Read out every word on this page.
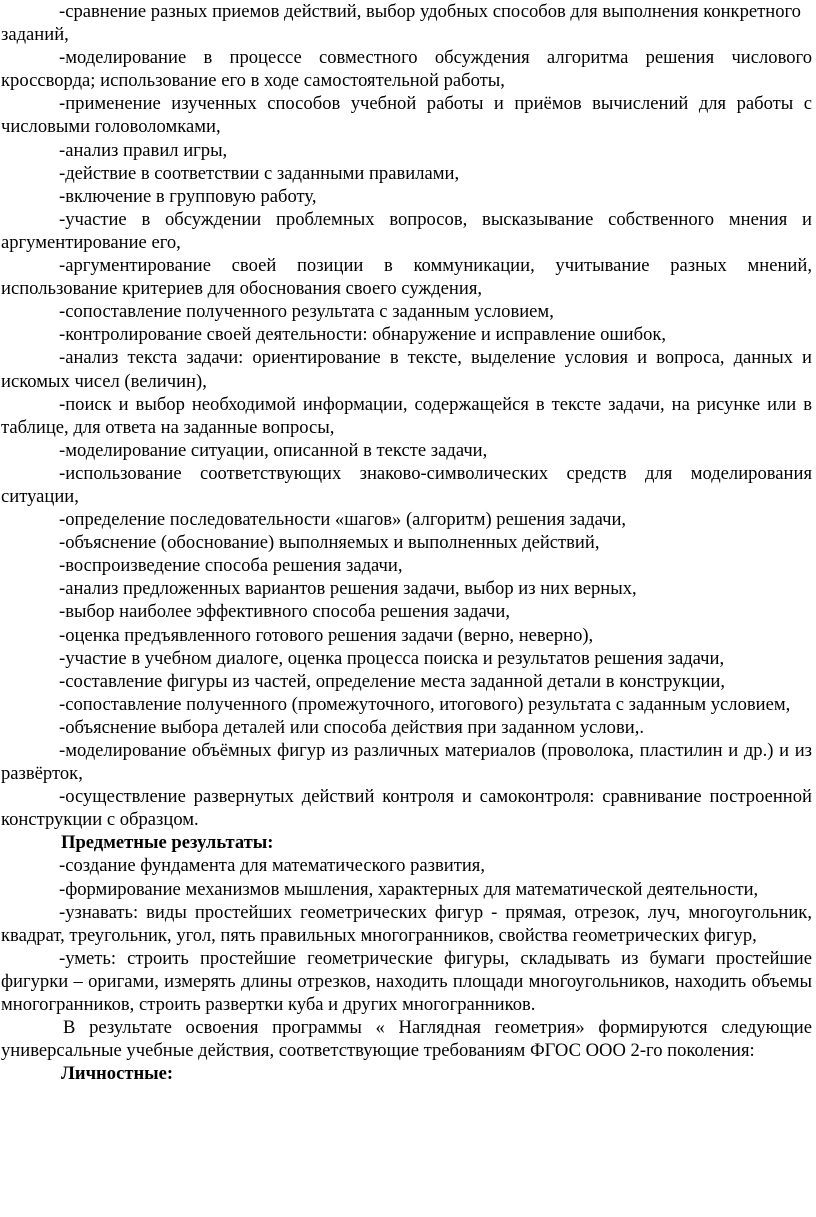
-сравнение разных приемов действий, выбор удобных способов для выполнения конкретного заданий,

-моделирование в процессе совместного обсуждения алгоритма решения числового кроссворда; использование его в ходе самостоятельной работы,

-применение изученных способов учебной работы и приёмов вычислений для работы с числовыми головоломками,

-анализ правил игры,

-действие в соответствии с заданными правилами,

-включение в групповую работу,

-участие в обсуждении проблемных вопросов, высказывание собственного мнения и аргументирование его,

-аргументирование своей позиции в коммуникации, учитывание разных мнений, использование критериев для обоснования своего суждения,

-сопоставление полученного результата с заданным условием,

-контролирование своей деятельности: обнаружение и исправление ошибок,

-анализ текста задачи: ориентирование в тексте, выделение условия и вопроса, данных и искомых чисел (величин),

-поиск и выбор необходимой информации, содержащейся в тексте задачи, на рисунке или в таблице, для ответа на заданные вопросы,

-моделирование ситуации, описанной в тексте задачи,

-использование соответствующих знаково-символических средств для моделирования ситуации,

-определение последовательности «шагов» (алгоритм) решения задачи,

-объяснение (обоснование) выполняемых и выполненных действий,

-воспроизведение способа решения задачи,

-анализ предложенных вариантов решения задачи, выбор из них верных,

-выбор наиболее эффективного способа решения задачи,

-оценка предъявленного готового решения задачи (верно, неверно),

-участие в учебном диалоге, оценка процесса поиска и результатов решения задачи,

-составление фигуры из частей, определение места заданной детали в конструкции,

-сопоставление полученного (промежуточного, итогового) результата с заданным условием,

-объяснение выбора деталей или способа действия при заданном услови,.

-моделирование объёмных фигур из различных материалов (проволока, пластилин и др.) и из развёрток,

-осуществление развернутых действий контроля и самоконтроля: сравнивание построенной конструкции с образцом.

Предметные результаты:

-создание фундамента для математического развития,

-формирование механизмов мышления, характерных для математической деятельности,

-узнавать: виды простейших геометрических фигур - прямая, отрезок, луч, многоугольник, квадрат, треугольник, угол, пять правильных многогранников, свойства геометрических фигур,

-уметь: строить простейшие геометрические фигуры, складывать из бумаги простейшие фигурки – оригами, измерять длины отрезков, находить площади многоугольников, находить объемы многогранников, строить развертки куба и других многогранников.

В результате освоения программы « Наглядная геометрия» формируются следующие универсальные учебные действия, соответствующие требованиям ФГОС ООО 2-го поколения:

Личностные:
